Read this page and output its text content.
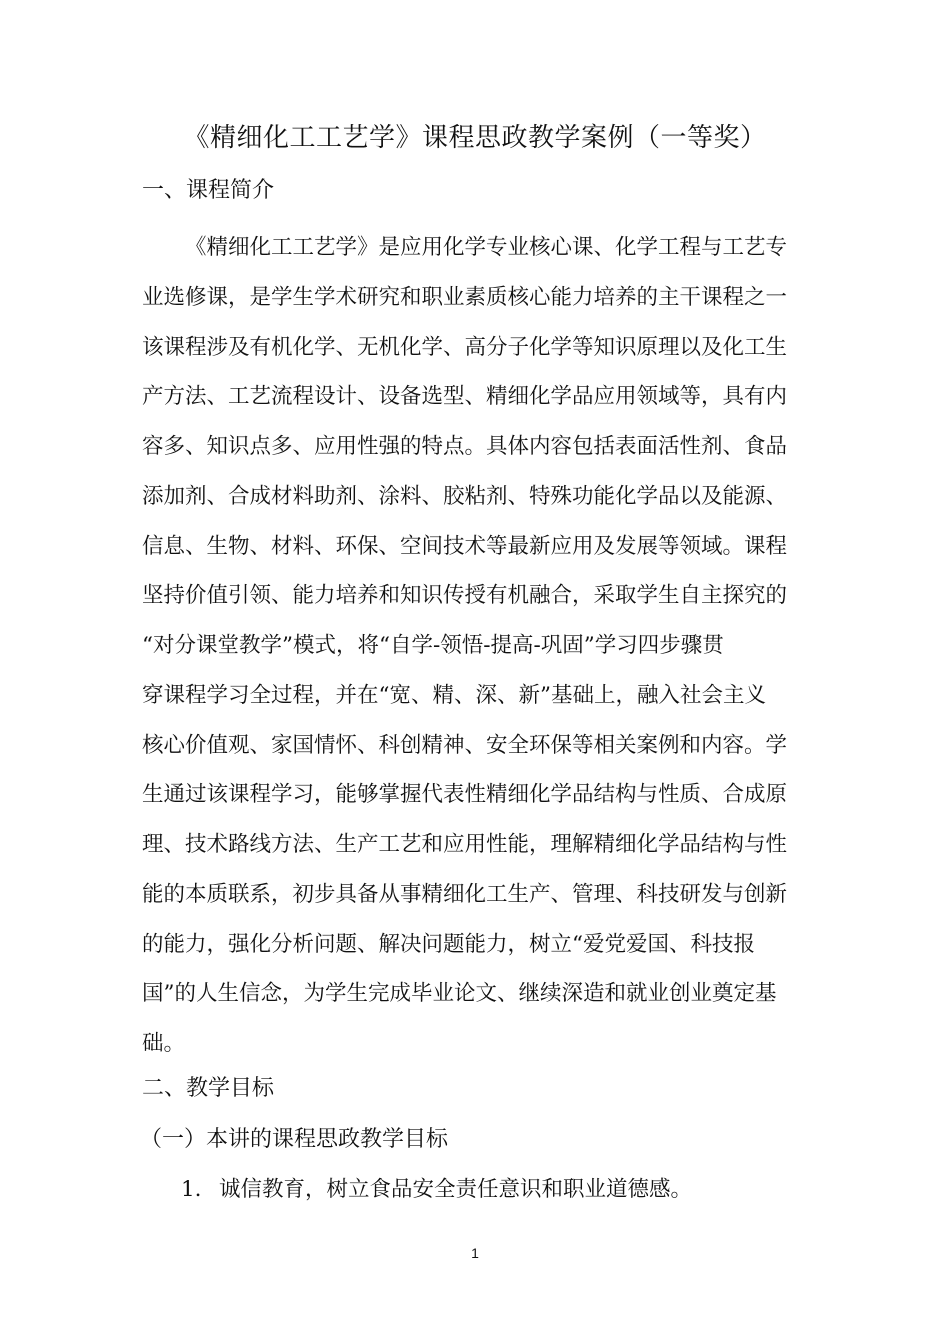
《精细化工工艺学》课程思政教学案例（一等奖）
一、课程简介
《精细化工工艺学》是应用化学专业核心课、化学工程与工艺专
业选修课，是学生学术研究和职业素质核心能力培养的主干课程之一
该课程涉及有机化学、无机化学、高分子化学等知识原理以及化工生
产方法、工艺流程设计、设备选型、精细化学品应用领域等，具有内
容多、知识点多、应用性强的特点。具体内容包括表面活性剂、食品
添加剂、合成材料助剂、涂料、胶粘剂、特殊功能化学品以及能源、
信息、生物、材料、环保、空间技术等最新应用及发展等领域。课程
坚持价值引领、能力培养和知识传授有机融合，采取学生自主探究的
“对分课堂教学”模式，将“自学-领悟-提高-巩固”学习四步骤贯
穿课程学习全过程，并在“宽、精、深、新”基础上，融入社会主义
核心价值观、家国情怀、科创精神、安全环保等相关案例和内容。学
生通过该课程学习，能够掌握代表性精细化学品结构与性质、合成原
理、技术路线方法、生产工艺和应用性能，理解精细化学品结构与性
能的本质联系，初步具备从事精细化工生产、管理、科技研发与创新
的能力，强化分析问题、解决问题能力，树立“爱党爱国、科技报
国”的人生信念，为学生完成毕业论文、继续深造和就业创业奠定基
础。
二、教学目标
（一）本讲的课程思政教学目标
1. 诚信教育，树立食品安全责任意识和职业道德感。
1
